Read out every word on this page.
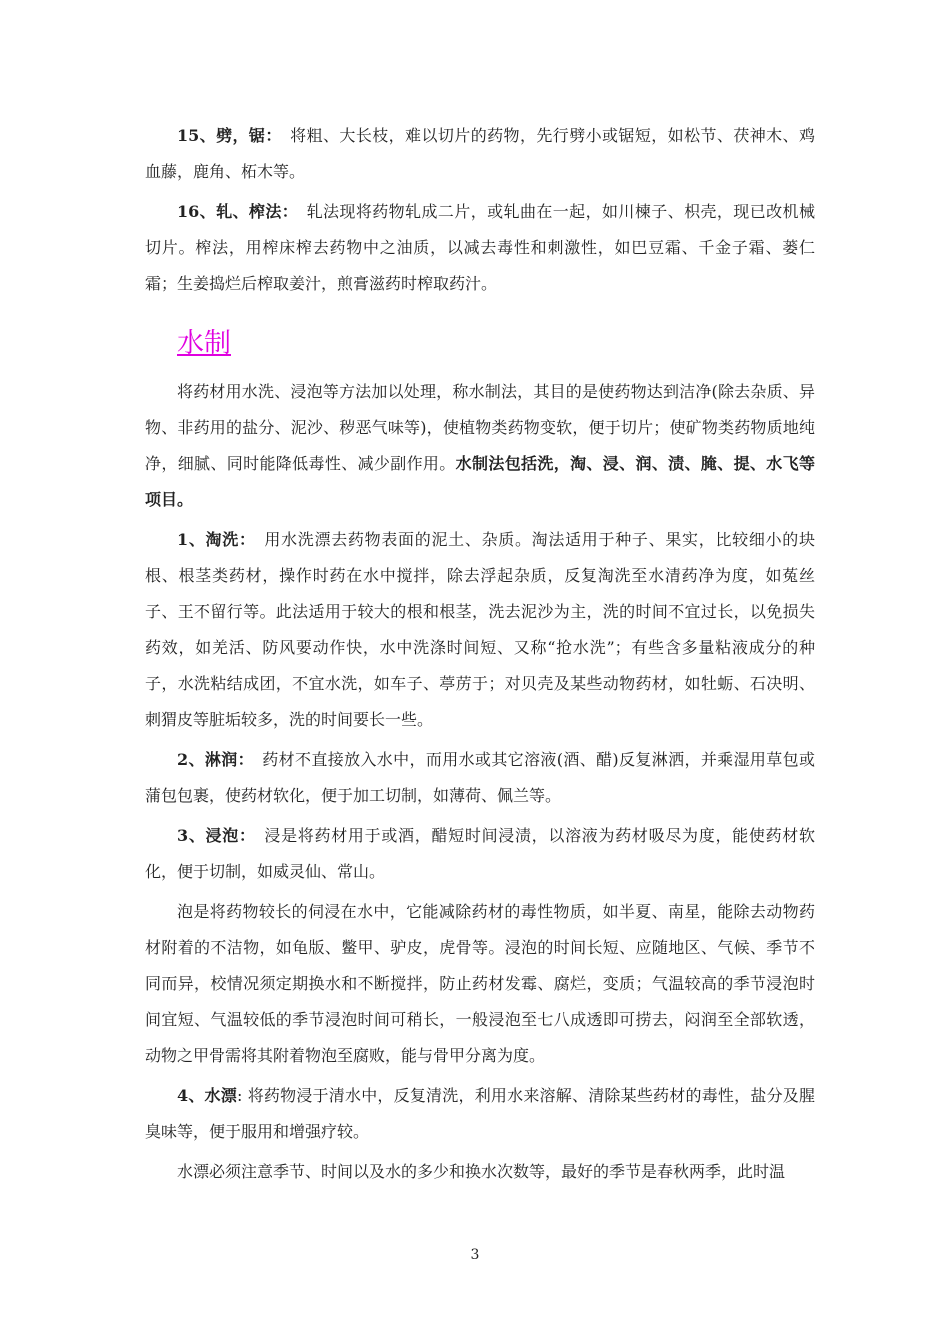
15、劈，锯：　 将粗、大长枝，难以切片的药物，先行劈小或锯短，如松节、茯神木、鸡血藤，鹿角、柘木等。

16、轧、榨法：　 轧法现将药物轧成二片，或轧曲在一起，如川楝子、枳壳，现已改机械切片。榨法，用榨床榨去药物中之油质，以减去毒性和刺激性，如巴豆霜、千金子霜、蒌仁霜；生姜捣烂后榨取姜汁，煎膏滋药时榨取药汁。

水制

将药材用水洗、浸泡等方法加以处理，称水制法，其目的是使药物达到洁净(除去杂质、异物、非药用的盐分、泥沙、秽恶气味等)，使植物类药物变软，便于切片；使矿物类药物质地纯净，细腻、同时能降低毒性、减少副作用。水制法包括洗，淘、浸、润、渍、腌、提、水飞等项目。

1、淘洗：　 用水洗漂去药物表面的泥土、杂质。淘法适用于种子、果实，比较细小的块根、根茎类药材，操作时药在水中搅拌，除去浮起杂质，反复淘洗至水清药净为度，如菟丝子、王不留行等。此法适用于较大的根和根茎，洗去泥沙为主，洗的时间不宜过长，以免损失药效，如羌活、防风要动作快，水中洗涤时间短、又称“抢水洗”；有些含多量粘液成分的种子，水洗粘结成团，不宜水洗，如车子、葶苈于；对贝壳及某些动物药材，如牡蛎、石决明、刺猬皮等脏垢较多，洗的时间要长一些。

2、淋润：　 药材不直接放入水中，而用水或其它溶液(酒、醋)反复淋洒，并乘湿用草包或蒲包包裹，使药材软化，便于加工切制，如薄荷、佩兰等。

3、浸泡：　 浸是将药材用于或酒，醋短时间浸渍，以溶液为药材吸尽为度，能使药材软化，便于切制，如威灵仙、常山。

泡是将药物较长的伺浸在水中，它能减除药材的毒性物质，如半夏、南星，能除去动物药材附着的不洁物，如龟版、鳖甲、驴皮，虎骨等。浸泡的时间长短、应随地区、气候、季节不同而异，校情况须定期换水和不断搅拌，防止药材发霉、腐烂，变质；气温较高的季节浸泡时间宜短、气温较低的季节浸泡时间可稍长，一般浸泡至七八成透即可捞去，闷润至全部软透，动物之甲骨需将其附着物泡至腐败，能与骨甲分离为度。

4、水漂: 将药物浸于清水中，反复清洗，利用水来溶解、清除某些药材的毒性，盐分及腥臭味等，便于服用和增强疗较。

水漂必须注意季节、时间以及水的多少和换水次数等，最好的季节是春秋两季，此时温

3
